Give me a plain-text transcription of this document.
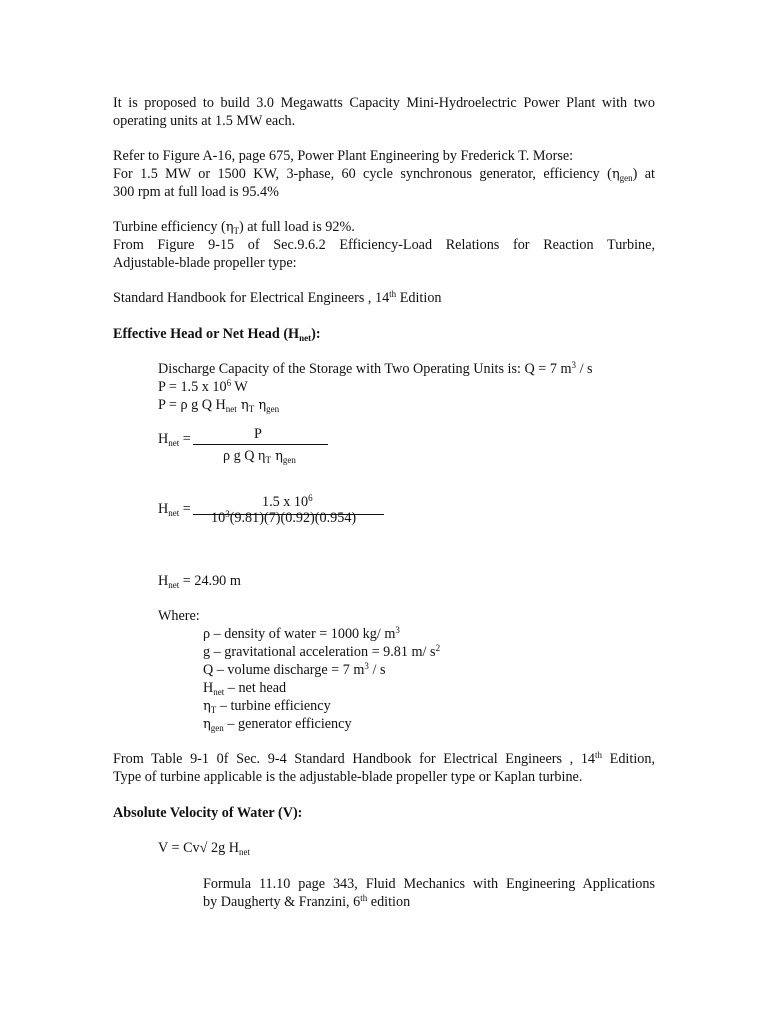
It is proposed to build 3.0 Megawatts Capacity Mini-Hydroelectric Power Plant with two
operating units at 1.5 MW each.
Refer to Figure A-16, page 675, Power Plant Engineering by Frederick T. Morse:
For 1.5 MW or 1500 KW, 3-phase, 60 cycle synchronous generator, efficiency $(\eta_{gen})$ at
300 rpm at full load is 95.4%
Turbine efficiency $(\eta_T)$ at full load is 92%.
From Figure 9-15 of Sec.9.6.2 Efficiency-Load Relations for Reaction Turbine,
Adjustable-blade propeller type:
Standard Handbook for Electrical Engineers , 14th Edition
Effective Head or Net Head $(H_{net})$:
Discharge Capacity of the Storage with Two Operating Units is: Q = 7 $m^3$ / s
P = 1.5 x $10^6$ W
P = ρ g Q $H_{net}$ $\eta_T$ $\eta_{gen}$
$H_{net}$ =	P
ρ g Q $\eta_T$ $\eta_{gen}$
$H_{net}$ =	1.5 x $10^6$
$10^3(9.81)(7)(0.92)(0.954)$
$H_{net} = 24.90$ m
Where:
ρ – density of water = 1000 kg/ $m^3$
g – gravitational acceleration = 9.81 m/ $s^2$
Q – volume discharge = 7 $m^3$ / s
$H_{net}$ – net head
$\eta_T$ – turbine efficiency
$\eta_{gen}$ – generator efficiency
From Table 9-1 0f Sec. 9-4 Standard Handbook for Electrical Engineers , 14th Edition,
Type of turbine applicable is the adjustable-blade propeller type or Kaplan turbine.
Absolute Velocity of Water (V):
V = Cv√ 2g $H_{net}$
Formula 11.10 page 343, Fluid Mechanics with Engineering Applications
by Daugherty & Franzini, 6th edition
